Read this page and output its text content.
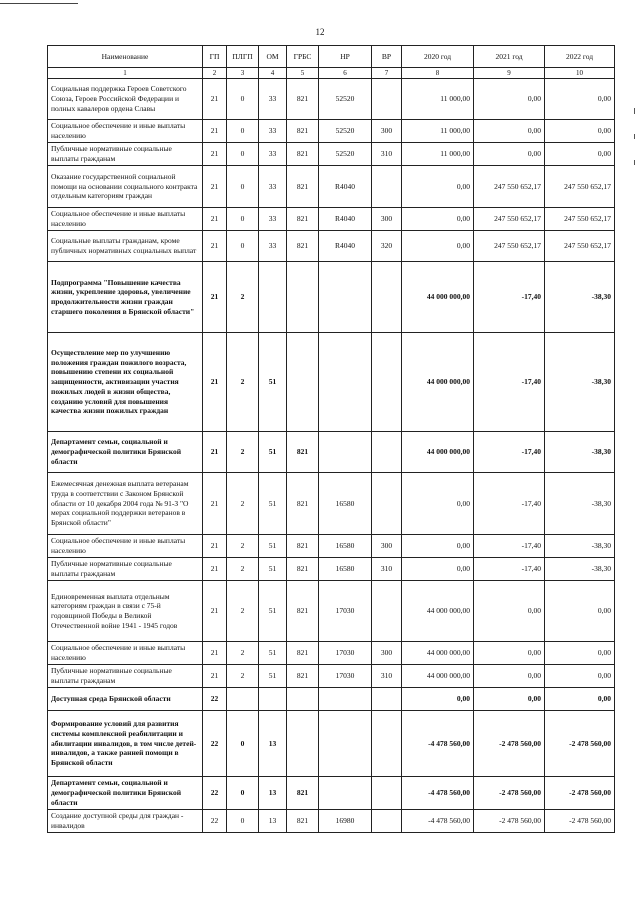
12
Наименование	ГП	ПЛГП	ОМ	ГРБС	НР	ВР	2020 год	2021 год	2022 год
1	2	3	4	5	6	7	8	9	10
Социальная поддержка Героев Советского Союза, Героев Российской Федерации и полных кавалеров ордена Славы	21	0	33	821	52520		11 000,00	0,00	0,00
Социальное обеспечение и иные выплаты населению	21	0	33	821	52520	300	11 000,00	0,00	0,00
Публичные нормативные социальные выплаты гражданам	21	0	33	821	52520	310	11 000,00	0,00	0,00
Оказание государственной социальной помощи на основании социального контракта отдельным категориям граждан	21	0	33	821	R4040		0,00	247 550 652,17	247 550 652,17
Социальное обеспечение и иные выплаты населению	21	0	33	821	R4040	300	0,00	247 550 652,17	247 550 652,17
Социальные выплаты гражданам, кроме публичных нормативных социальных выплат	21	0	33	821	R4040	320	0,00	247 550 652,17	247 550 652,17
Подпрограмма "Повышение качества жизни, укрепление здоровья, увеличение продолжительности жизни граждан старшего поколения в Брянской области"	21	2					44 000 000,00	-17,40	-38,30
Осуществление мер по улучшению положения граждан пожилого возраста, повышению степени их социальной защищенности, активизации участия пожилых людей в жизни общества, созданию условий для повышения качества жизни пожилых граждан	21	2	51				44 000 000,00	-17,40	-38,30
Департамент семьи, социальной и демографической политики Брянской области	21	2	51	821			44 000 000,00	-17,40	-38,30
Ежемесячная денежная выплата ветеранам труда в соответствии с Законом Брянской области от 10 декабря 2004 года № 91-З "О мерах социальной поддержки ветеранов в Брянской области"	21	2	51	821	16580		0,00	-17,40	-38,30
Социальное обеспечение и иные выплаты населению	21	2	51	821	16580	300	0,00	-17,40	-38,30
Публичные нормативные социальные выплаты гражданам	21	2	51	821	16580	310	0,00	-17,40	-38,30
Единовременная выплата отдельным категориям граждан в связи с 75-й годовщиной Победы в Великой Отечественной войне 1941 - 1945 годов	21	2	51	821	17030		44 000 000,00	0,00	0,00
Социальное обеспечение и иные выплаты населению	21	2	51	821	17030	300	44 000 000,00	0,00	0,00
Публичные нормативные социальные выплаты гражданам	21	2	51	821	17030	310	44 000 000,00	0,00	0,00
Доступная среда Брянской области	22						0,00	0,00	0,00
Формирование условий для развития системы комплексной реабилитации и абилитации инвалидов, в том числе детей-инвалидов, а также ранней помощи в Брянской области	22	0	13				-4 478 560,00	-2 478 560,00	-2 478 560,00
Департамент семьи, социальной и демографической политики Брянской области	22	0	13	821			-4 478 560,00	-2 478 560,00	-2 478 560,00
Создание доступной среды для граждан - инвалидов	22	0	13	821	16980		-4 478 560,00	-2 478 560,00	-2 478 560,00
